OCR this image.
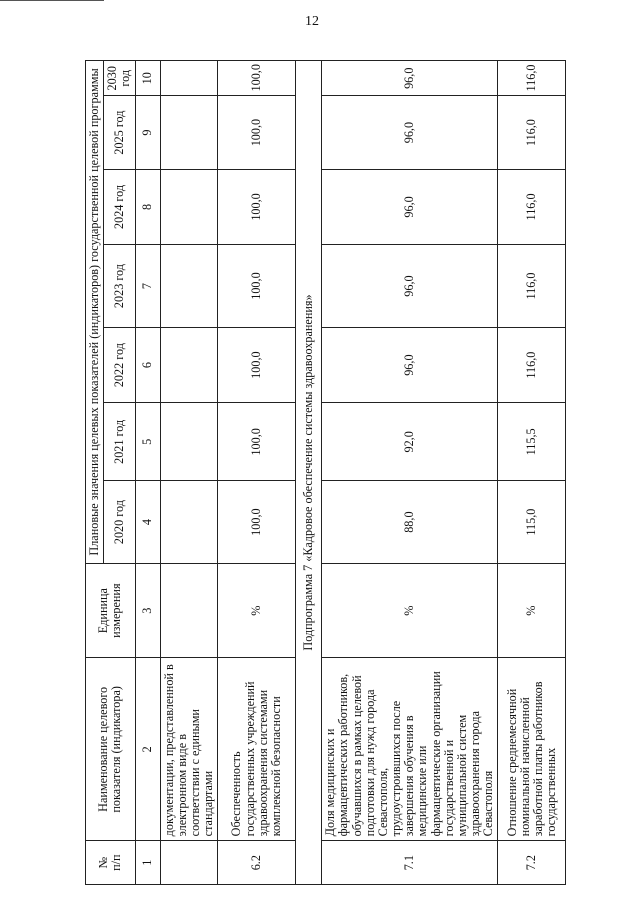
12
№
п/п	Наименование целевого показателя (индикатора)	Единица измерения	Плановые значения целевых показателей (индикаторов) государственной целевой программы						
			2020 год	2021 год	2022 год	2023 год	2024 год	2025 год	2030 год
1	2	3	4	5	6	7	8	9	10
	документации, представленной в электронном виде в соответствии с едиными стандартами								
6.2	Обеспеченность государственных учреждений здравоохранения системами комплексной безопасности	%	100,0	100,0	100,0	100,0	100,0	100,0	100,0
Подпрограмма 7 «Кадровое обеспечение системы здравоохранения»									
7.1	Доля медицинских и фармацевтических работников, обучавшихся в рамках целевой подготовки для нужд города Севастополя, трудоустроившихся после завершения обучения в медицинские или фармацевтические организации государственной и муниципальной систем здравоохранения города Севастополя	%	88,0	92,0	96,0	96,0	96,0	96,0	96,0
7.2	Отношение среднемесячной номинальной начисленной заработной платы работников государственных	%	115,0	115,5	116,0	116,0	116,0	116,0	116,0
